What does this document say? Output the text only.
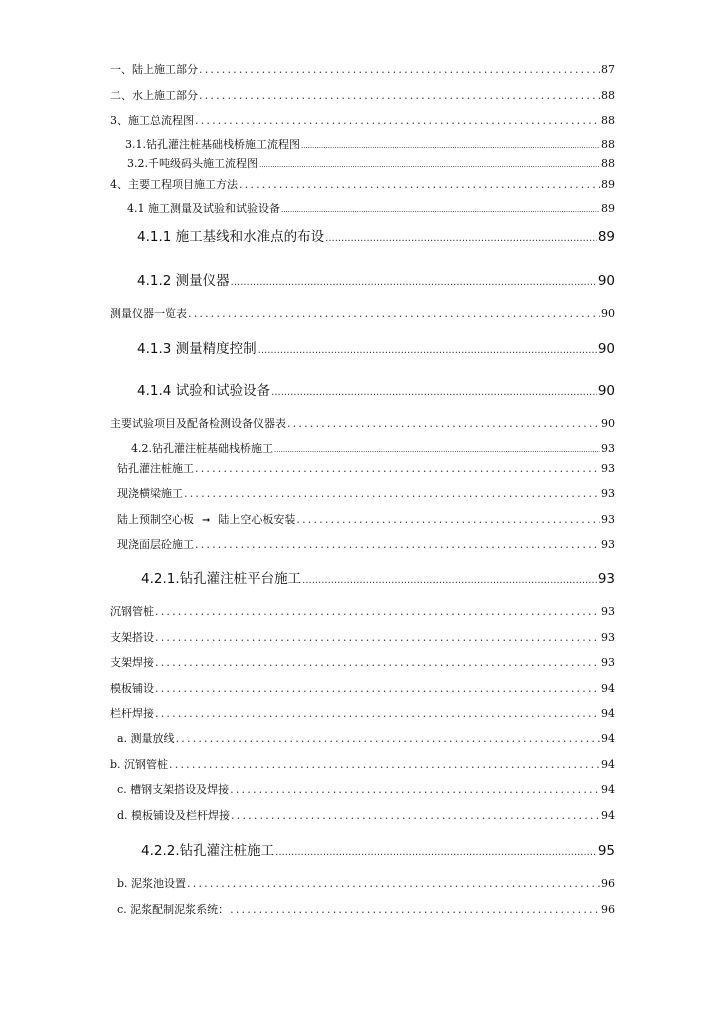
一、陆上施工部分 .....	87
二、水上施工部分 .....	88
3、施工总流程图 .....	88
3.1.钻孔灌注桩基础栈桥施工流程图 .....	88
3.2.千吨级码头施工流程图 .....	88
4、主要工程项目施工方法 .....	89
4.1 施工测量及试验和试验设备 .....	89
4.1.1 施工基线和水准点的布设 .....	89
4.1.2 测量仪器 .....	90
测量仪器一览表 .....	90
4.1.3 测量精度控制 .....	90
4.1.4 试验和试验设备 .....	90
主要试验项目及配备检测设备仪器表 .....	90
4.2.钻孔灌注桩基础栈桥施工 .....	93
钻孔灌注桩施工 .....	93
现浇横梁施工 .....	93
陆上预制空心板 ➞ 陆上空心板安装 .....	93
现浇面层砼施工 .....	93
4.2.1.钻孔灌注桩平台施工 .....	93
沉钢管桩 .....	93
支架搭设 .....	93
支架焊接 .....	93
模板铺设 .....	94
栏杆焊接 .....	94
a. 测量放线 .....	94
b. 沉钢管桩 .....	94
c. 槽钢支架搭设及焊接 .....	94
d. 模板铺设及栏杆焊接 .....	94
4.2.2.钻孔灌注桩施工 .....	95
b. 泥浆池设置 .....	96
c. 泥浆配制泥浆系统： .....	96
